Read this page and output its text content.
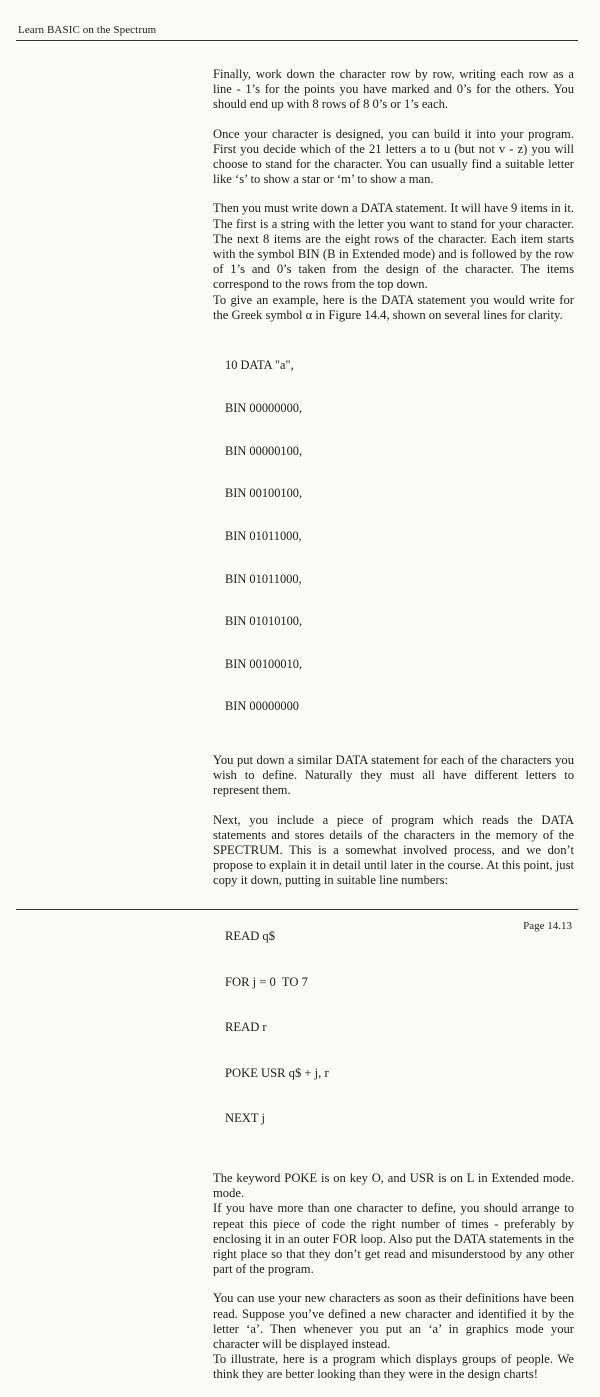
Learn BASIC on the Spectrum

Finally, work down the character row by row, writing each row as a line - 1’s for the points you have marked and 0’s for the others. You should end up with 8 rows of 8 0’s or 1’s each.

Once your character is designed, you can build it into your program. First you decide which of the 21 letters a to u (but not v - z) you will choose to stand for the character. You can usually find a suitable letter like ‘s’ to show a star or ‘m’ to show a man.

Then you must write down a DATA statement. It will have 9 items in it. The first is a string with the letter you want to stand for your character. The next 8 items are the eight rows of the character. Each item starts with the symbol BIN (B in Extended mode) and is followed by the row of 1’s and 0’s taken from the design of the character. The items correspond to the rows from the top down.

To give an example, here is the DATA statement you would write for the Greek symbol α in Figure 14.4, shown on several lines for clarity.

10 DATA "a",

BIN 00000000,

BIN 00000100,

BIN 00100100,

BIN 01011000,

BIN 01011000,

BIN 01010100,

BIN 00100010,

BIN 00000000

You put down a similar DATA statement for each of the characters you wish to define. Naturally they must all have different letters to represent them.

Next, you include a piece of program which reads the DATA statements and stores details of the characters in the memory of the SPECTRUM. This is a somewhat involved process, and we don’t propose to explain it in detail until later in the course. At this point, just copy it down, putting in suitable line numbers:

READ q$

FOR j = 0  TO 7

READ r

POKE USR q$ + j, r

NEXT j

The keyword POKE is on key O, and USR is on L in Extended mode. mode.

If you have more than one character to define, you should arrange to repeat this piece of code the right number of times - preferably by enclosing it in an outer FOR loop. Also put the DATA statements in the right place so that they don’t get read and misunderstood by any other part of the program.

You can use your new characters as soon as their definitions have been read. Suppose you’ve defined a new character and identified it by the letter ‘a’. Then whenever you put an ‘a’ in graphics mode your character will be displayed instead.

To illustrate, here is a program which displays groups of people. We think they are better looking than they were in the design charts!

Page 14.13
